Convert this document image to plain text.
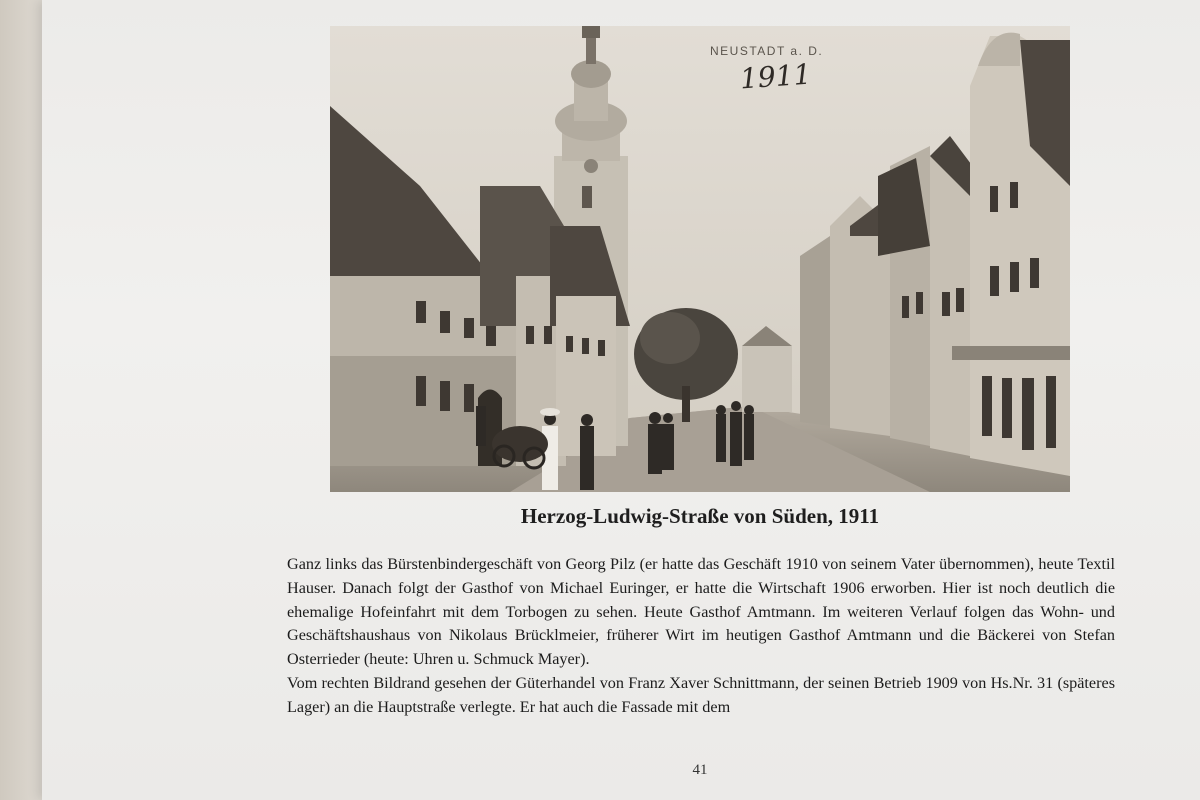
NEUSTADT a. D.
1911
Herzog-Ludwig-Straße von Süden, 1911

Ganz links das Bürstenbindergeschäft von Georg Pilz (er hatte das Geschäft 1910 von seinem Vater übernommen), heute Textil Hauser. Danach folgt der Gasthof von Michael Euringer, er hatte die Wirtschaft 1906 erworben. Hier ist noch deutlich die ehemalige Hofeinfahrt mit dem Torbogen zu sehen. Heute Gasthof Amtmann. Im weiteren Verlauf folgen das Wohn- und Geschäftshaushaus von Nikolaus Brücklmeier, früherer Wirt im heutigen Gasthof Amtmann und die Bäckerei von Stefan Osterrieder (heute: Uhren u. Schmuck Mayer).

Vom rechten Bildrand gesehen der Güterhandel von Franz Xaver Schnittmann, der seinen Betrieb 1909 von Hs.Nr. 31 (späteres Lager) an die Hauptstraße verlegte. Er hat auch die Fassade mit dem

41
